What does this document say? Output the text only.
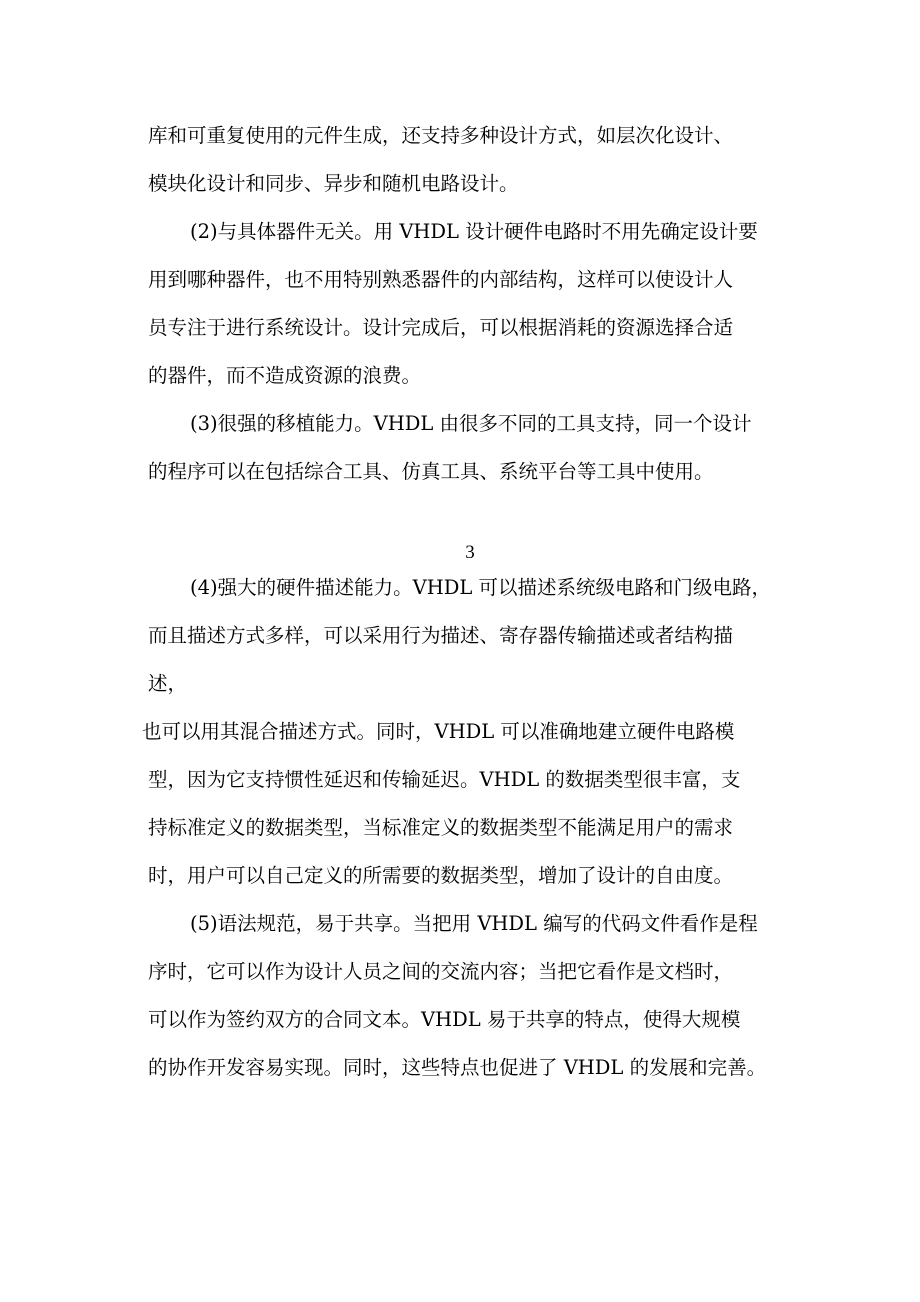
库和可重复使用的元件生成，还支持多种设计方式，如层次化设计、
模块化设计和同步、异步和随机电路设计。
(2)与具体器件无关。用 VHDL 设计硬件电路时不用先确定设计要
用到哪种器件，也不用特别熟悉器件的内部结构，这样可以使设计人
员专注于进行系统设计。设计完成后，可以根据消耗的资源选择合适
的器件，而不造成资源的浪费。
(3)很强的移植能力。VHDL 由很多不同的工具支持，同一个设计
的程序可以在包括综合工具、仿真工具、系统平台等工具中使用。
3
(4)强大的硬件描述能力。VHDL 可以描述系统级电路和门级电路，
而且描述方式多样，可以采用行为描述、寄存器传输描述或者结构描
述，
也可以用其混合描述方式。同时，VHDL 可以准确地建立硬件电路模
型，因为它支持惯性延迟和传输延迟。VHDL 的数据类型很丰富，支
持标准定义的数据类型，当标准定义的数据类型不能满足用户的需求
时，用户可以自己定义的所需要的数据类型，增加了设计的自由度。
(5)语法规范，易于共享。当把用 VHDL 编写的代码文件看作是程
序时，它可以作为设计人员之间的交流内容；当把它看作是文档时，
可以作为签约双方的合同文本。VHDL 易于共享的特点，使得大规模
的协作开发容易实现。同时，这些特点也促进了 VHDL 的发展和完善。
